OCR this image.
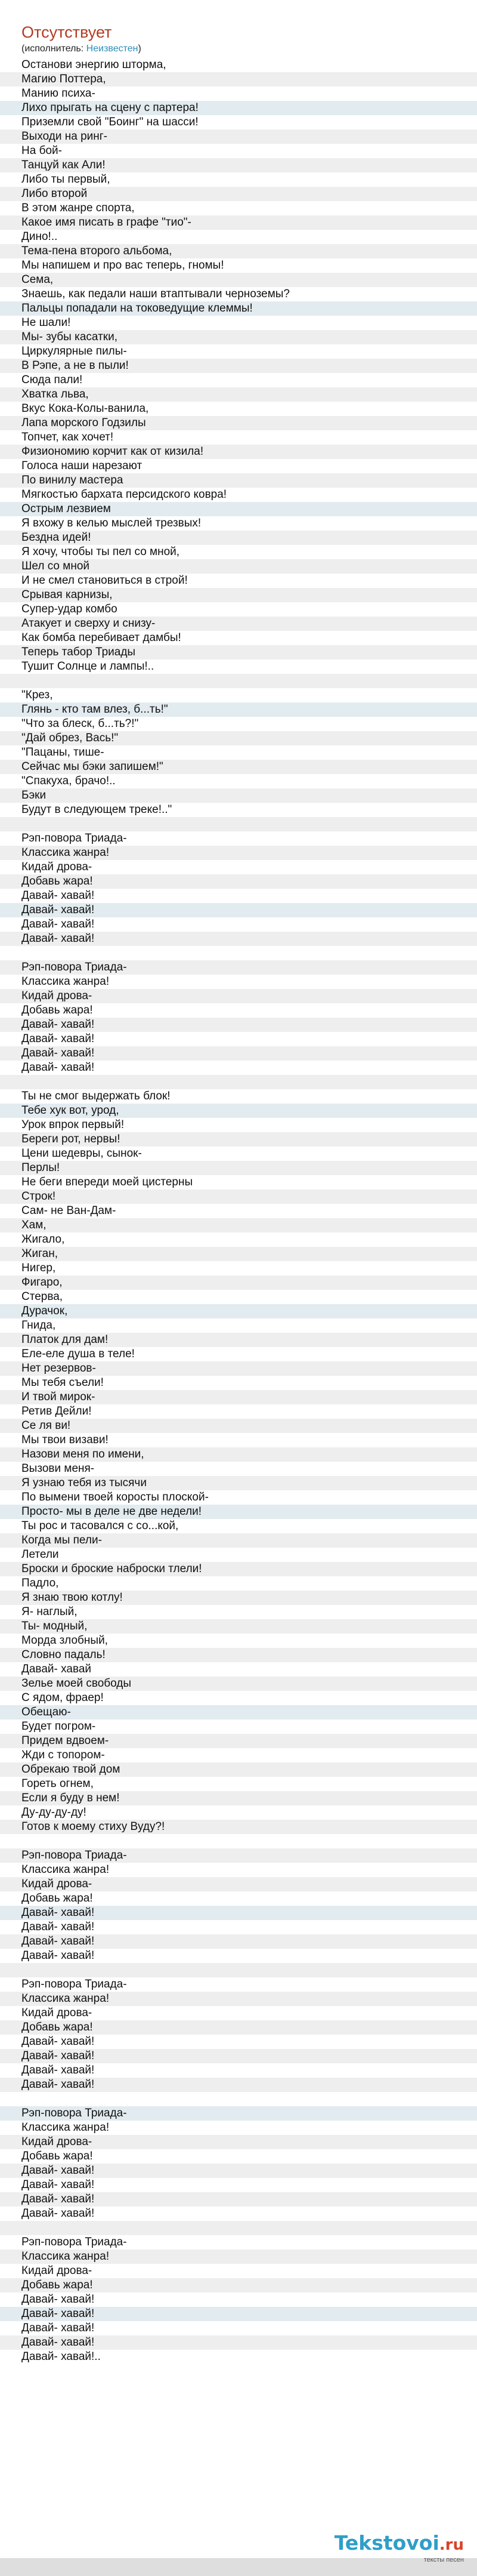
Отсутствует
(исполнитель: Неизвестен)
Останови энергию шторма,
Магию Поттера,
Манию психа-
Лихо прыгать на сцену с партера!
Приземли свой "Боинг" на шасси!
Выходи на ринг-
На бой-
Танцуй как Али!
Либо ты первый,
Либо второй
В этом жанре спорта,
Какое имя писать в графе "тио"-
Дино!..
Тема-пена второго альбома,
Мы напишем и про вас теперь, гномы!
Сема,
Знаешь, как педали наши втаптывали черноземы?
Пальцы попадали на токоведущие клеммы!
Не шали!
Мы- зубы касатки,
Циркулярные пилы-
В Рэпе, а не в пыли!
Сюда пали!
Хватка льва,
Вкус Кока-Колы-ванила,
Лапа морского Годзилы
Топчет, как хочет!
Физиономию корчит как от кизила!
Голоса наши нарезают
По винилу мастера
Мягкостью бархата персидского ковра!
Острым лезвием
Я вхожу в келью мыслей трезвых!
Бездна идей!
Я хочу, чтобы ты пел со мной,
Шел со мной
И не смел становиться в строй!
Срывая карнизы,
Супер-удар комбо
Атакует и сверху и снизу-
Как бомба перебивает дамбы!
Теперь табор Триады
Тушит Солнце и лампы!..
"Крез,
Глянь - кто там влез, б...ть!"
"Что за блеск, б...ть?!"
"Дай обрез, Вась!"
"Пацаны, тише-
Сейчас мы бэки запишем!"
"Спакуха, брачо!..
Бэки
Будут в следующем треке!.."
Рэп-повора Триада-
Классика жанра!
Кидай дрова-
Добавь жара!
Давай- хавай!
Давай- хавай!
Давай- хавай!
Давай- хавай!
Рэп-повора Триада-
Классика жанра!
Кидай дрова-
Добавь жара!
Давай- хавай!
Давай- хавай!
Давай- хавай!
Давай- хавай!
Ты не смог выдержать блок!
Тебе хук вот, урод,
Урок впрок первый!
Береги рот, нервы!
Цени шедевры, сынок-
Перлы!
Не беги впереди моей цистерны
Строк!
Сам- не Ван-Дам-
Хам,
Жигало,
Жиган,
Нигер,
Фигаро,
Стерва,
Дурачок,
Гнида,
Платок для дам!
Еле-еле душа в теле!
Нет резервов-
Мы тебя съели!
И твой мирок-
Ретив Дейли!
Се ля ви!
Мы твои визави!
Назови меня по имени,
Вызови меня-
Я узнаю тебя из тысячи
По вымени твоей коросты плоской-
Просто- мы в деле не две недели!
Ты рос и тасовался с со...кой,
Когда мы пели-
Летели
Броски и броские наброски тлели!
Падло,
Я знаю твою котлу!
Я- наглый,
Ты- модный,
Морда злобный,
Словно падаль!
Давай- хавай
Зелье моей свободы
С ядом, фраер!
Обещаю-
Будет погром-
Придем вдвоем-
Жди с топором-
Обрекаю твой дом
Гореть огнем,
Если я буду в нем!
Ду-ду-ду-ду!
Готов к моему стиху Вуду?!
Рэп-повора Триада-
Классика жанра!
Кидай дрова-
Добавь жара!
Давай- хавай!
Давай- хавай!
Давай- хавай!
Давай- хавай!
Рэп-повора Триада-
Классика жанра!
Кидай дрова-
Добавь жара!
Давай- хавай!
Давай- хавай!
Давай- хавай!
Давай- хавай!
Рэп-повора Триада-
Классика жанра!
Кидай дрова-
Добавь жара!
Давай- хавай!
Давай- хавай!
Давай- хавай!
Давай- хавай!
Рэп-повора Триада-
Классика жанра!
Кидай дрова-
Добавь жара!
Давай- хавай!
Давай- хавай!
Давай- хавай!
Давай- хавай!
Давай- хавай!..
Tekstovoi.ru
тексты песен
